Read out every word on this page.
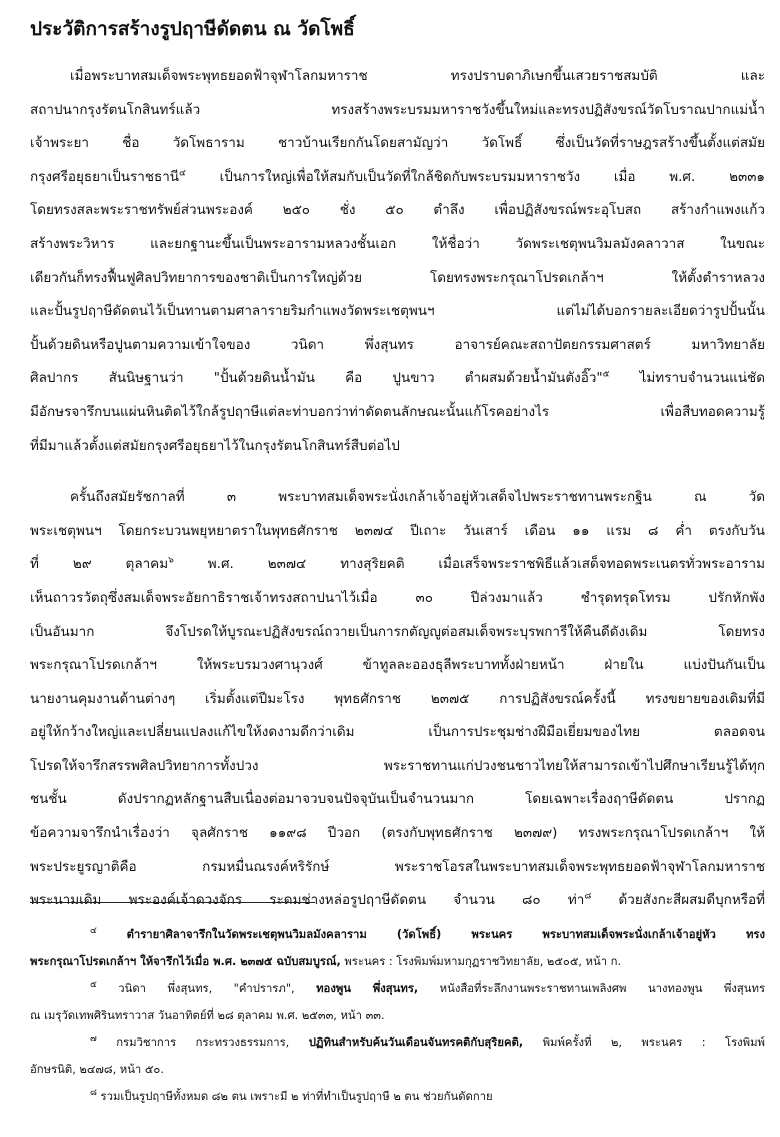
ประวัติการสร้างรูปฤาษีดัดตน ณ วัดโพธิ์
เมื่อพระบาทสมเด็จพระพุทธยอดฟ้าจุฬาโลกมหาราช ทรงปราบดาภิเษกขึ้นเสวยราชสมบัติ และ
สถาปนากรุงรัตนโกสินทร์แล้ว ทรงสร้างพระบรมมหาราชวังขึ้นใหม่และทรงปฏิสังขรณ์วัดโบราณปากแม่น้ำ
เจ้าพระยา ชื่อ วัดโพธาราม ชาวบ้านเรียกกันโดยสามัญว่า วัดโพธิ์ ซึ่งเป็นวัดที่ราษฎรสร้างขึ้นตั้งแต่สมัย
กรุงศรีอยุธยาเป็นราชธานี$^๔$	เป็นการใหญ่เพื่อให้สมกับเป็นวัดที่ใกล้ชิดกับพระบรมมหาราชวัง เมื่อ พ.ศ. ๒๓๓๑
โดยทรงสละพระราชทรัพย์ส่วนพระองค์ ๒๕๐ ชั่ง ๕๐ ตำลึง เพื่อปฏิสังขรณ์พระอุโบสถ สร้างกำแพงแก้ว
สร้างพระวิหาร และยกฐานะขึ้นเป็นพระอารามหลวงชั้นเอก ให้ชื่อว่า วัดพระเชตุพนวิมลมังคลาวาส ในขณะ
เดียวกันก็ทรงฟื้นฟูศิลปวิทยาการของชาติเป็นการใหญ่ด้วย โดยทรงพระกรุณาโปรดเกล้าฯ ให้ตั้งตำราหลวง
และปั้นรูปฤาษีดัดตนไว้เป็นทานตามศาลารายริมกำแพงวัดพระเชตุพนฯ แต่ไม่ได้บอกรายละเอียดว่ารูปปั้นนั้น
ปั้นด้วยดินหรือปูนตามความเข้าใจของ วนิดา พึ่งสุนทร อาจารย์คณะสถาปัตยกรรมศาสตร์ มหาวิทยาลัย
ศิลปากร สันนิษฐานว่า "ปั้นด้วยดินน้ำมัน คือ ปูนขาว ตำผสมด้วยน้ำมันตังอิ๊ว"$^๕$ ไม่ทราบจำนวนแน่ชัด
มีอักษรจารึกบนแผ่นหินติดไว้ใกล้รูปฤาษีแต่ละท่าบอกว่าท่าดัดตนลักษณะนั้นแก้โรคอย่างไร เพื่อสืบทอดความรู้
ที่มีมาแล้วตั้งแต่สมัยกรุงศรีอยุธยาไว้ในกรุงรัตนโกสินทร์สืบต่อไป
ครั้นถึงสมัยรัชกาลที่ ๓ พระบาทสมเด็จพระนั่งเกล้าเจ้าอยู่หัวเสด็จไปพระราชทานพระกฐิน ณ วัด
พระเชตุพนฯ โดยกระบวนพยุหยาตราในพุทธศักราช ๒๓๗๔ ปีเถาะ วันเสาร์ เดือน ๑๑ แรม ๘ ค่ำ ตรงกับวัน
ที่ ๒๙ ตุลาคม$^๖$	พ.ศ. ๒๓๗๔ ทางสุริยคติ เมื่อเสร็จพระราชพิธีแล้วเสด็จทอดพระเนตรทั่วพระอาราม
เห็นถาวรวัตถุซึ่งสมเด็จพระอัยกาธิราชเจ้าทรงสถาปนาไว้เมื่อ ๓๐ ปีล่วงมาแล้ว ชำรุดทรุดโทรม ปรักหักพัง
เป็นอันมาก จึงโปรดให้บูรณะปฏิสังขรณ์ถวายเป็นการกตัญญูต่อสมเด็จพระบุรพการีให้คืนดีดังเดิม โดยทรง
พระกรุณาโปรดเกล้าฯ ให้พระบรมวงศานุวงศ์ ข้าทูลละอองธุลีพระบาททั้งฝ่ายหน้า ฝ่ายใน แบ่งปันกันเป็น
นายงานคุมงานด้านต่างๆ เริ่มตั้งแต่ปีมะโรง พุทธศักราช ๒๓๗๕ การปฏิสังขรณ์ครั้งนี้ ทรงขยายของเดิมที่มี
อยู่ให้กว้างใหญ่และเปลี่ยนแปลงแก้ไขให้งดงามดีกว่าเดิม เป็นการประชุมช่างฝีมือเยี่ยมของไทย ตลอดจน
โปรดให้จารึกสรรพศิลปวิทยาการทั้งปวง พระราชทานแก่ปวงชนชาวไทยให้สามารถเข้าไปศึกษาเรียนรู้ได้ทุก
ชนชั้น ดังปรากฏหลักฐานสืบเนื่องต่อมาจวบจนปัจจุบันเป็นจำนวนมาก โดยเฉพาะเรื่องฤาษีดัดตน ปรากฏ
ข้อความจารึกนำเรื่องว่า จุลศักราช ๑๑๙๘ ปีวอก (ตรงกับพุทธศักราช ๒๓๗๙) ทรงพระกรุณาโปรดเกล้าฯ ให้
พระประยูรญาติคือ กรมหมื่นณรงค์หริรักษ์ พระราชโอรสในพระบาทสมเด็จพระพุทธยอดฟ้าจุฬาโลกมหาราช
พระนามเดิม พระองค์เจ้าดวงจักร ระดมช่างหล่อรูปฤาษีดัดตน จำนวน ๘๐ ท่า$^๘$ ด้วยสังกะสีผสมดีบุกหรือที่
$^๔$	ตำรายาศิลาจารึกในวัดพระเชตุพนวิมลมังคลาราม (วัดโพธิ์) พระนคร พระบาทสมเด็จพระนั่งเกล้าเจ้าอยู่หัว ทรง
พระกรุณาโปรดเกล้าฯ ให้จารึกไว้เมื่อ พ.ศ. ๒๓๗๕ ฉบับสมบูรณ์, พระนคร : โรงพิมพ์มหามกุฏราชวิทยาลัย, ๒๕๐๕, หน้า ก.
$^๕$ วนิดา พึ่งสุนทร, "คำปรารภ", ทองพูน พึ่งสุนทร, หนังสือที่ระลึกงานพระราชทานเพลิงศพ นางทองพูน พึ่งสุนทร
ณ เมรุวัดเทพศิรินทราวาส วันอาทิตย์ที่ ๒๘ ตุลาคม พ.ศ. ๒๕๓๓, หน้า ๓๓.
$^๗$ กรมวิชาการ กระทรวงธรรมการ, ปฏิทินสำหรับค้นวันเดือนจันทรคติกับสุริยคติ, พิมพ์ครั้งที่ ๒, พระนคร : โรงพิมพ์
อักษรนิติ, ๒๔๗๘, หน้า ๕๐.
$^๘$ รวมเป็นรูปฤาษีทั้งหมด ๘๒ ตน เพราะมี ๒ ท่าที่ทำเป็นรูปฤาษี ๒ ตน ช่วยกันดัดกาย
